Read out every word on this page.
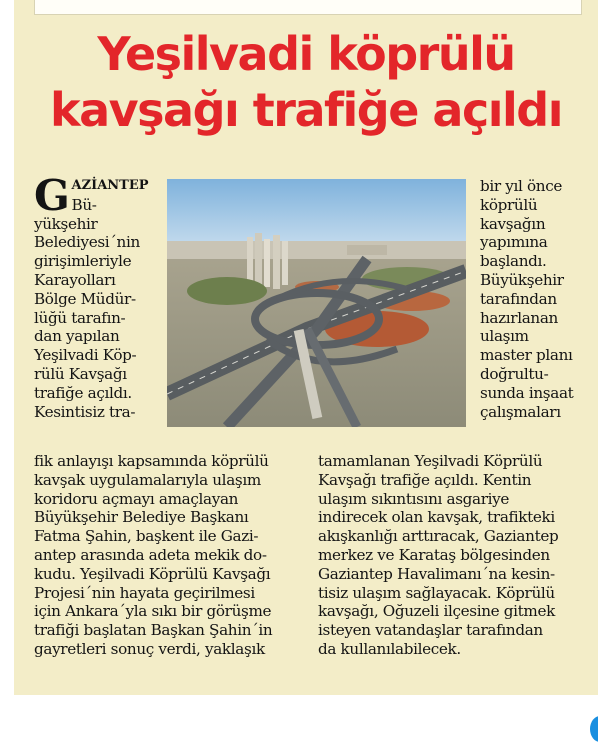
Yeşilvadi köprülü
kavşağı trafiğe açıldı
G AZİANTEP
Bü-
yükşehir
Belediyesi´nin
girişimleriyle
Karayolları
Bölge Müdür-
lüğü tarafın-
dan yapılan
Yeşilvadi Köp-
rülü Kavşağı
trafiğe açıldı.
Kesintisiz tra-
bir yıl önce
köprülü
kavşağın
yapımına
başlandı.
Büyükşehir
tarafından
hazırlanan
ulaşım
master planı
doğrultu-
sunda inşaat
çalışmaları
fik anlayışı kapsamında köprülü
kavşak uygulamalarıyla ulaşım
koridoru açmayı amaçlayan
Büyükşehir Belediye Başkanı
Fatma Şahin, başkent ile Gazi-
antep arasında adeta mekik do-
kudu. Yeşilvadi Köprülü Kavşağı
Projesi´nin hayata geçirilmesi
için Ankara´yla sıkı bir görüşme
trafiği başlatan Başkan Şahin´in
gayretleri sonuç verdi, yaklaşık
tamamlanan Yeşilvadi Köprülü
Kavşağı trafiğe açıldı. Kentin
ulaşım sıkıntısını asgariye
indirecek olan kavşak, trafikteki
akışkanlığı arttıracak, Gaziantep
merkez ve Karataş bölgesinden
Gaziantep Havalimanı´na kesin-
tisiz ulaşım sağlayacak. Köprülü
kavşağı, Oğuzeli ilçesine gitmek
isteyen vatandaşlar tarafından
da kullanılabilecek.
